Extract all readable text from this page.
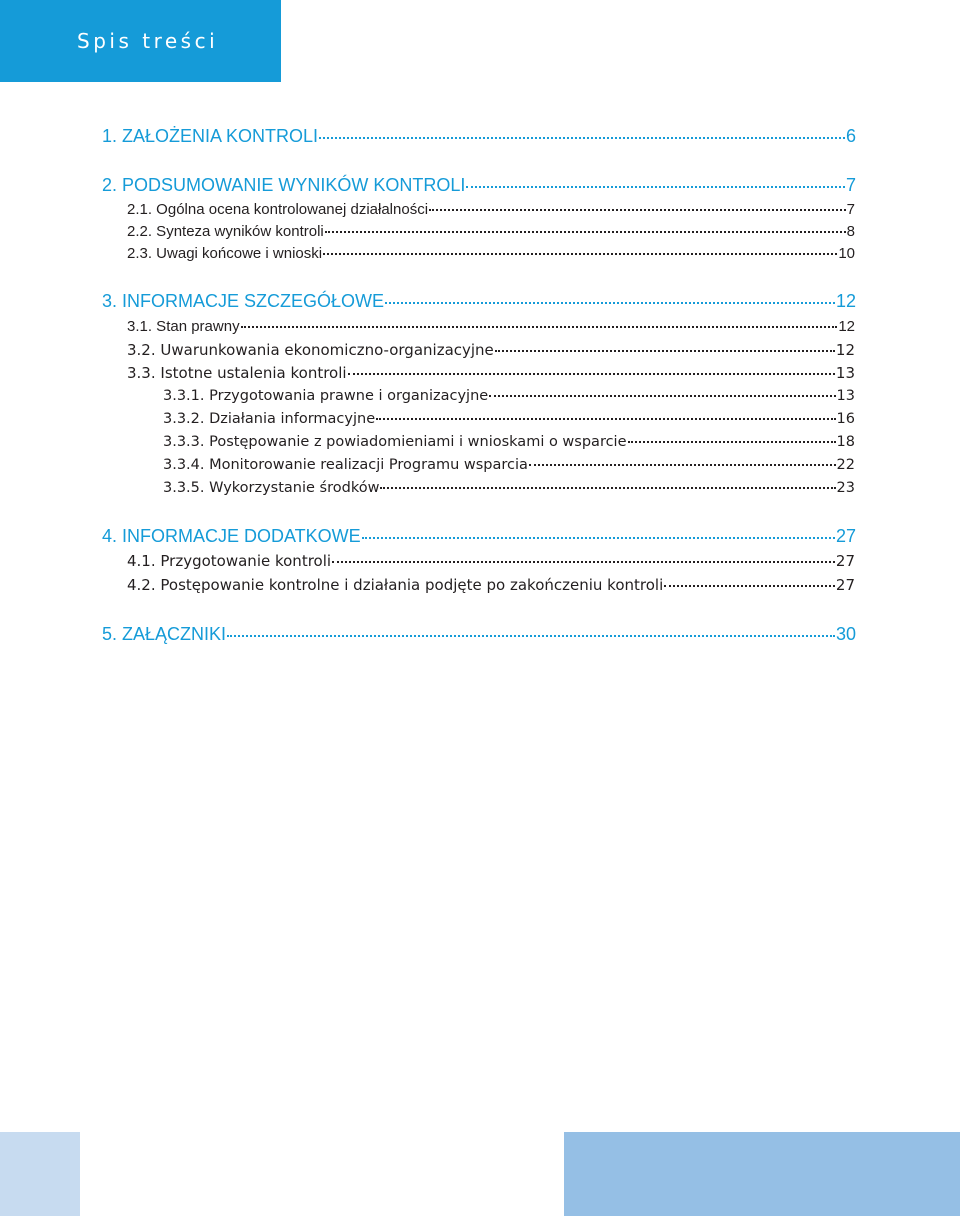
Spis treści
1. ZAŁOŻENIA KONTROLI	6
2. PODSUMOWANIE WYNIKÓW KONTROLI	7
2.1. Ogólna ocena kontrolowanej działalności	7
2.2. Synteza wyników kontroli	8
2.3. Uwagi końcowe i wnioski	10
3. INFORMACJE SZCZEGÓŁOWE	12
3.1. Stan prawny	12
3.2. Uwarunkowania ekonomiczno-organizacyjne	12
3.3. Istotne ustalenia kontroli	13
3.3.1. Przygotowania prawne i organizacyjne	13
3.3.2. Działania informacyjne	16
3.3.3. Postępowanie z powiadomieniami i wnioskami o wsparcie	18
3.3.4. Monitorowanie realizacji Programu wsparcia	22
3.3.5. Wykorzystanie środków	23
4. INFORMACJE DODATKOWE	27
4.1. Przygotowanie kontroli	27
4.2. Postępowanie kontrolne i działania podjęte po zakończeniu kontroli	27
5. ZAŁĄCZNIKI	30
